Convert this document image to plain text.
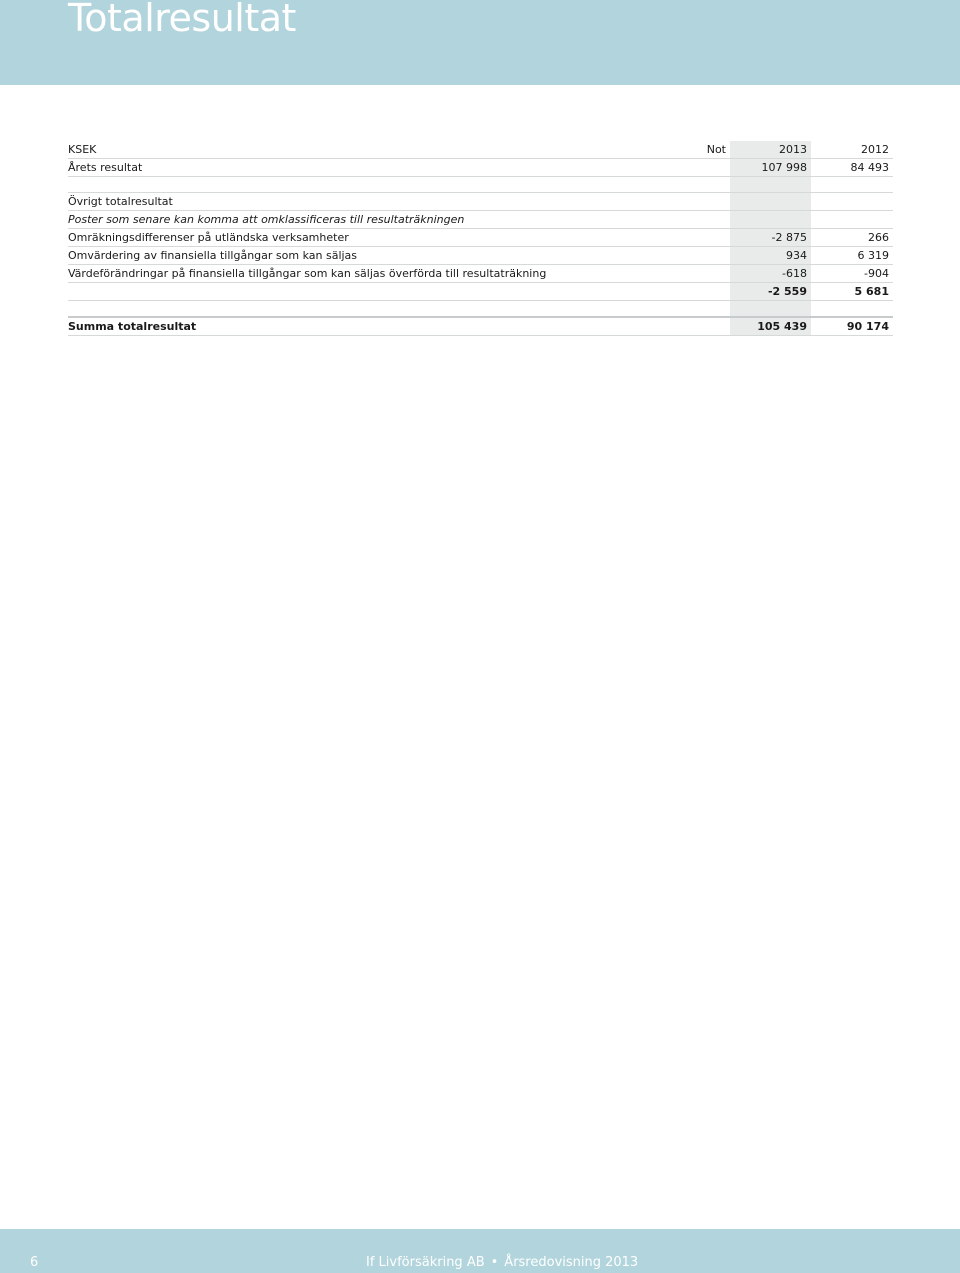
Totalresultat
KSEK	Not	2013	2012
Årets resultat	107 998	84 493
Övrigt totalresultat
Poster som senare kan komma att omklassificeras till resultaträkningen
Omräkningsdifferenser på utländska verksamheter	-2 875	266
Omvärdering av finansiella tillgångar som kan säljas	934	6 319
Värdeförändringar på finansiella tillgångar som kan säljas överförda till resultaträkning	-618	-904
-2 559	5 681
Summa totalresultat	105 439	90 174
6	If Livförsäkring AB • Årsredovisning 2013
